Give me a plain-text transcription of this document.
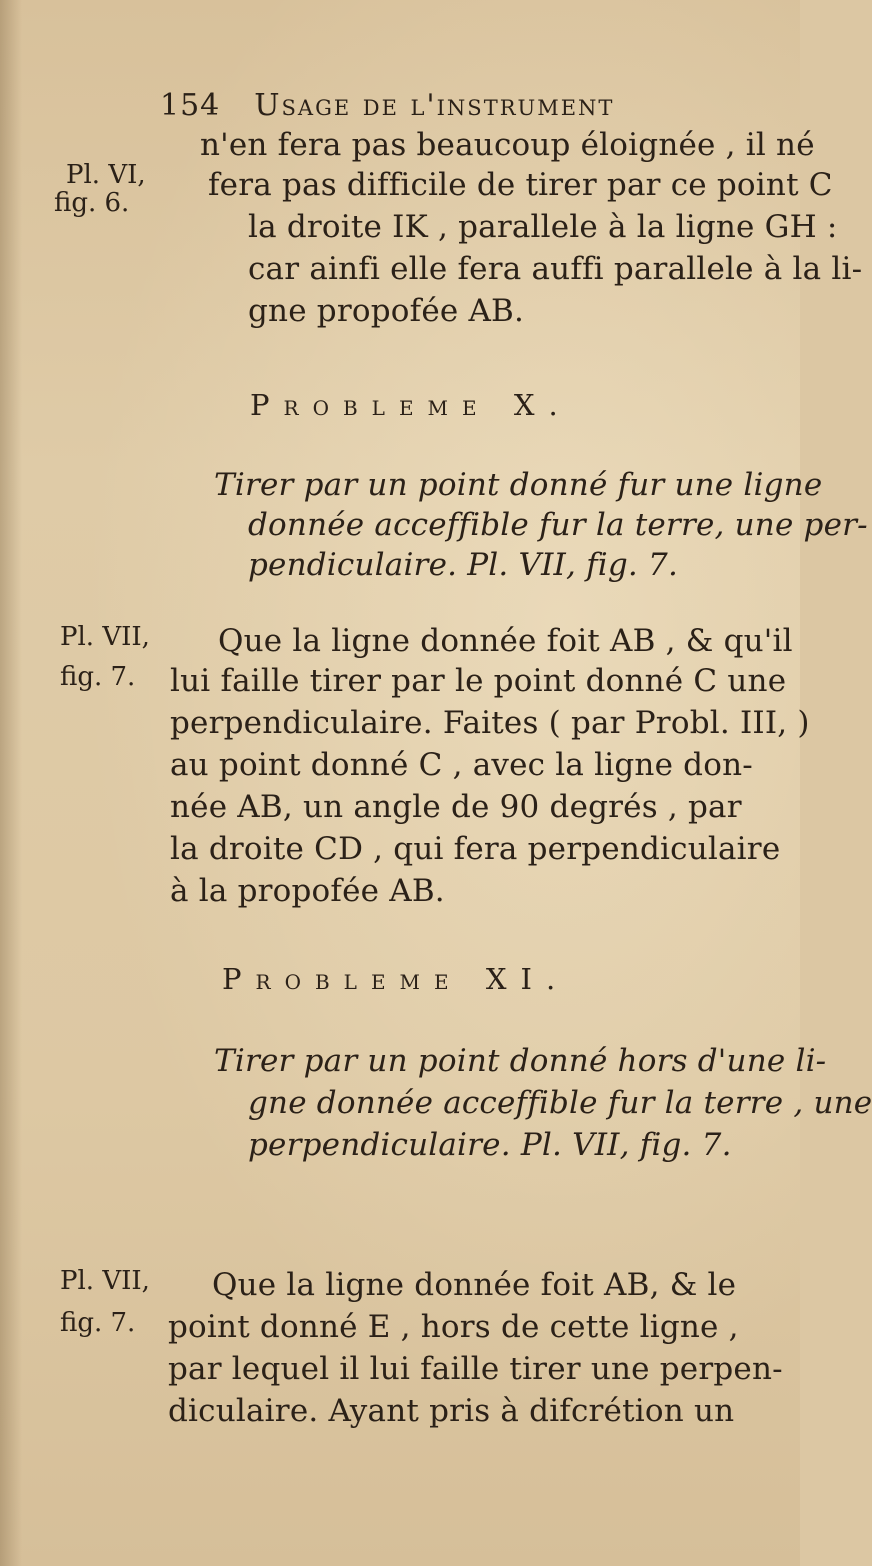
154 Usage de l'instrument
Pl. VI,
fig. 6.
Pl. VII,
fig. 7.
Pl. VII,
fig. 7.
n'en fera pas beaucoup éloignée , il né
fera pas difficile de tirer par ce point C
la droite IK , parallele à la ligne GH :
car ainfi elle fera auffi parallele à la li-
gne propofée AB.
Probleme X.
Tirer par un point donné fur une ligne
donnée acceffible fur la terre, une per-
pendiculaire. Pl. VII, fig. 7.
Que la ligne donnée foit AB , & qu'il
lui faille tirer par le point donné C une
perpendiculaire. Faites ( par Probl. III, )
au point donné C , avec la ligne don-
née AB, un angle de 90 degrés , par
la droite CD , qui fera perpendiculaire
à la propofée AB.
Probleme XI.
Tirer par un point donné hors d'une li-
gne donnée acceffible fur la terre , une
perpendiculaire. Pl. VII, fig. 7.
Que la ligne donnée foit AB, & le
point donné E , hors de cette ligne ,
par lequel il lui faille tirer une perpen-
diculaire. Ayant pris à difcrétion un
